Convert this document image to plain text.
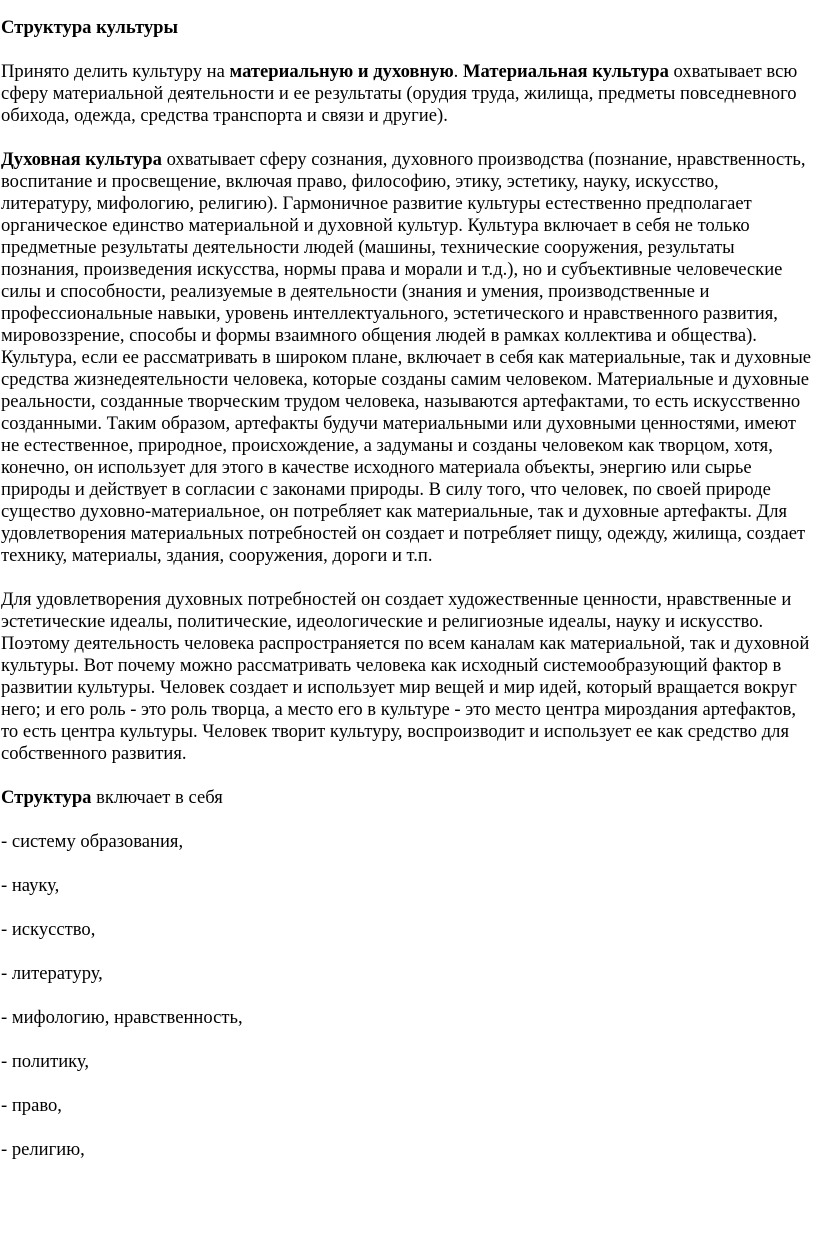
Структура культуры

Принято делить культуру на материальную и духовную. Материальная культура охватывает всю сферу материальной деятельности и ее результаты (орудия труда, жилища, предметы повседневного обихода, одежда, средства транспорта и связи и другие).

Духовная культура охватывает сферу сознания, духовного производства (познание, нравственность, воспитание и просвещение, включая право, философию, этику, эстетику, науку, искусство, литературу, мифологию, религию). Гармоничное развитие культуры естественно предполагает органическое единство материальной и духовной культур. Культура включает в себя не только предметные результаты деятельности людей (машины, технические сооружения, результаты познания, произведения искусства, нормы права и морали и т.д.), но и субъективные человеческие силы и способности, реализуемые в деятельности (знания и умения, производственные и профессиональные навыки, уровень интеллектуального, эстетического и нравственного развития, мировоззрение, способы и формы взаимного общения людей в рамках коллектива и общества). Культура, если ее рассматривать в широком плане, включает в себя как материальные, так и духовные средства жизнедеятельности человека, которые созданы самим человеком. Материальные и духовные реальности, созданные творческим трудом человека, называются артефактами, то есть искусственно созданными. Таким образом, артефакты будучи материальными или духовными ценностями, имеют не естественное, природное, происхождение, а задуманы и созданы человеком как творцом, хотя, конечно, он использует для этого в качестве исходного материала объекты, энергию или сырье природы и действует в согласии с законами природы. В силу того, что человек, по своей природе существо духовно-материальное, он потребляет как материальные, так и духовные артефакты. Для удовлетворения материальных потребностей он создает и потребляет пищу, одежду, жилища, создает технику, материалы, здания, сооружения, дороги и т.п.

Для удовлетворения духовных потребностей он создает художественные ценности, нравственные и эстетические идеалы, политические, идеологические и религиозные идеалы, науку и искусство. Поэтому деятельность человека распространяется по всем каналам как материальной, так и духовной культуры. Вот почему можно рассматривать человека как исходный системообразующий фактор в развитии культуры. Человек создает и использует мир вещей и мир идей, который вращается вокруг него; и его роль - это роль творца, а место его в культуре - это место центра мироздания артефактов, то есть центра культуры. Человек творит культуру, воспроизводит и использует ее как средство для собственного развития.

Структура включает в себя

- систему образования,
- науку,
- искусство,
- литературу,
- мифологию, нравственность,
- политику,
- право,
- религию,
